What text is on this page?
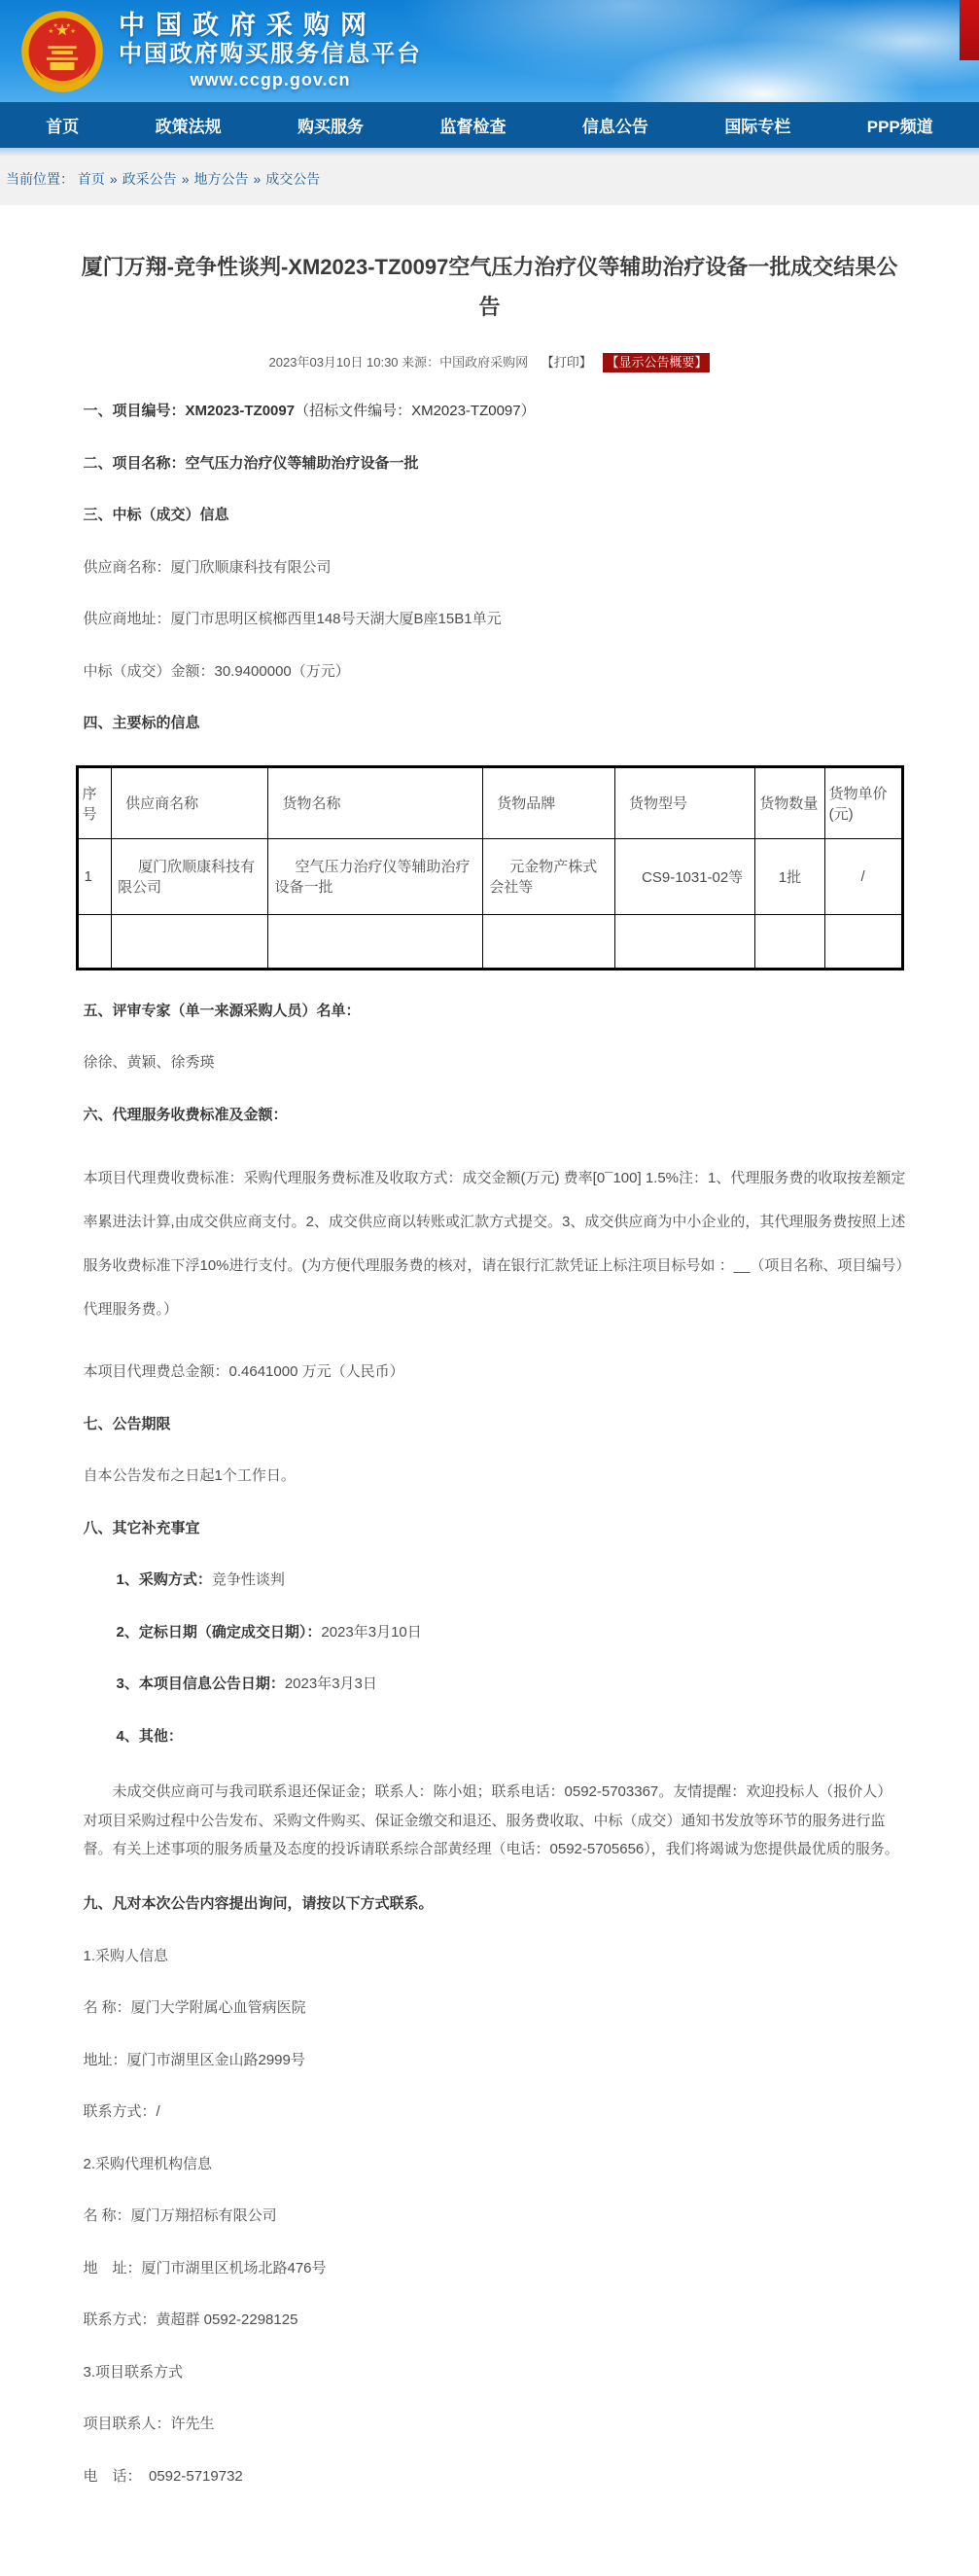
★ ★
★ ★ 中国政府采购网
中国政府购买服务信息平台
www.ccgp.gov.cn
首页	政策法规	购买服务	监督检查	信息公告	国际专栏	PPP频道
当前位置： 首页 » 政采公告 » 地方公告 » 成交公告
厦门万翔-竞争性谈判-XM2023-TZ0097空气压力治疗仪等辅助治疗设备一批成交结果公告
2023年03月10日 10:30 来源：中国政府采购网 【打印】 【显示公告概要】

一、项目编号：XM2023-TZ0097（招标文件编号：XM2023-TZ0097）

二、项目名称：空气压力治疗仪等辅助治疗设备一批

三、中标（成交）信息

供应商名称：厦门欣顺康科技有限公司

供应商地址：厦门市思明区槟榔西里148号天湖大厦B座15B1单元

中标（成交）金额：30.9400000（万元）

四、主要标的信息

序号	供应商名称	货物名称	货物品牌	货物型号	货物数量	货物单价(元)
1	厦门欣顺康科技有限公司	空气压力治疗仪等辅助治疗设备一批	元金物产株式会社等	CS9-1031-02等	1批	/

五、评审专家（单一来源采购人员）名单：

徐徐、黄颖、徐秀瑛

六、代理服务收费标准及金额：

本项目代理费收费标准：采购代理服务费标准及收取方式：成交金额(万元) 费率[0¯100] 1.5%注：1、代理服务费的收取按差额定率累进法计算,由成交供应商支付。2、成交供应商以转账或汇款方式提交。3、成交供应商为中小企业的，其代理服务费按照上述服务收费标准下浮10%进行支付。(为方便代理服务费的核对，请在银行汇款凭证上标注项目标号如 ：__（项目名称、项目编号）代理服务费。）

本项目代理费总金额：0.4641000 万元（人民币）

七、公告期限

自本公告发布之日起1个工作日。

八、其它补充事宜

1、采购方式：竞争性谈判

2、定标日期（确定成交日期）：2023年3月10日

3、本项目信息公告日期：2023年3月3日

4、其他：

未成交供应商可与我司联系退还保证金；联系人：陈小姐；联系电话：0592-5703367。友情提醒：欢迎投标人（报价人）对项目采购过程中公告发布、采购文件购买、保证金缴交和退还、服务费收取、中标（成交）通知书发放等环节的服务进行监督。有关上述事项的服务质量及态度的投诉请联系综合部黄经理（电话：0592-5705656），我们将竭诚为您提供最优质的服务。

九、凡对本次公告内容提出询问，请按以下方式联系。

1.采购人信息

名 称：厦门大学附属心血管病医院

地址：厦门市湖里区金山路2999号

联系方式：/

2.采购代理机构信息

名 称：厦门万翔招标有限公司

地　址：厦门市湖里区机场北路476号

联系方式：黄超群 0592-2298125

3.项目联系方式

项目联系人：许先生

电　话：　0592-5719732
